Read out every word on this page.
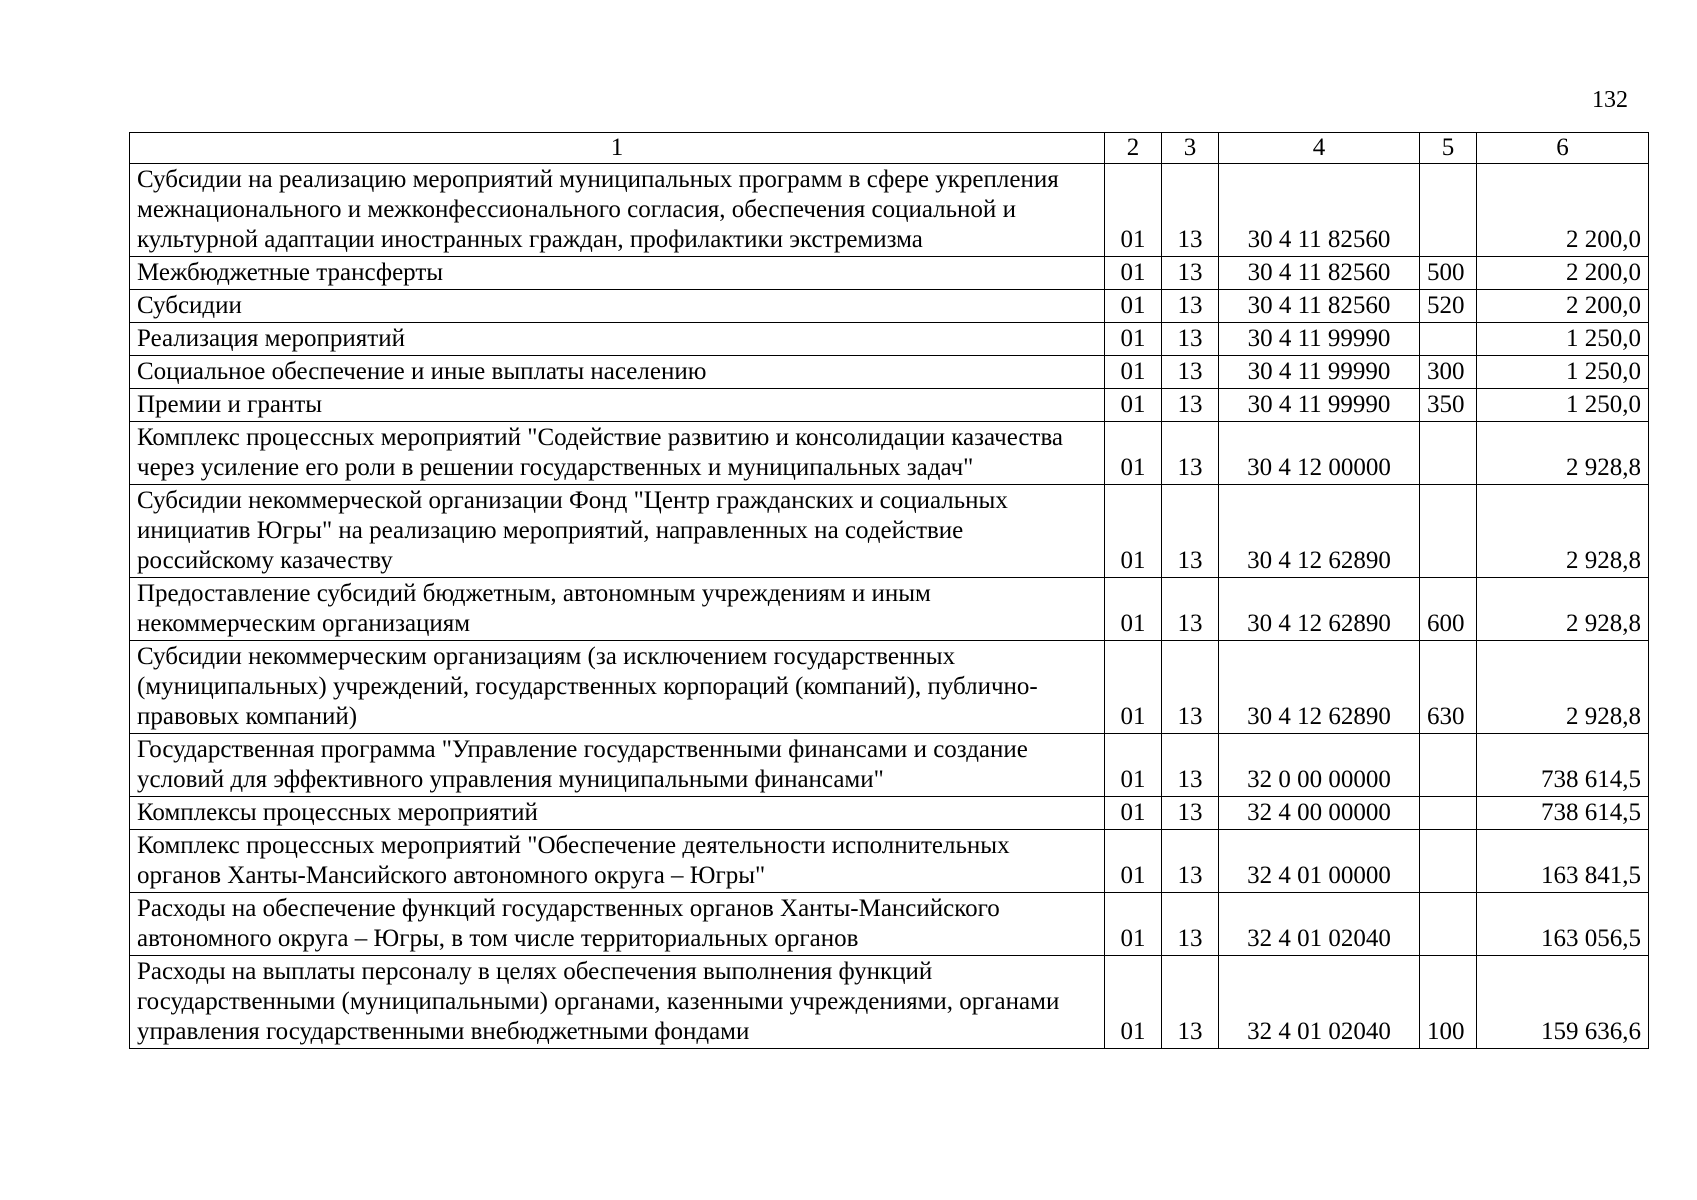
132
1	2	3	4	5	6
Субсидии на реализацию мероприятий муниципальных программ в сфере укрепления межнационального и межконфессионального согласия, обеспечения социальной и культурной адаптации иностранных граждан, профилактики экстремизма	01	13	30 4 11 82560		2 200,0
Межбюджетные трансферты	01	13	30 4 11 82560	500	2 200,0
Субсидии	01	13	30 4 11 82560	520	2 200,0
Реализация мероприятий	01	13	30 4 11 99990		1 250,0
Социальное обеспечение и иные выплаты населению	01	13	30 4 11 99990	300	1 250,0
Премии и гранты	01	13	30 4 11 99990	350	1 250,0
Комплекс процессных мероприятий "Содействие развитию и консолидации казачества через усиление его роли в решении государственных и муниципальных задач"	01	13	30 4 12 00000		2 928,8
Субсидии некоммерческой организации Фонд "Центр гражданских и социальных инициатив Югры" на реализацию мероприятий, направленных на содействие российскому казачеству	01	13	30 4 12 62890		2 928,8
Предоставление субсидий бюджетным, автономным учреждениям и иным некоммерческим организациям	01	13	30 4 12 62890	600	2 928,8
Субсидии некоммерческим организациям (за исключением государственных (муниципальных) учреждений, государственных корпораций (компаний), публично-правовых компаний)	01	13	30 4 12 62890	630	2 928,8
Государственная программа "Управление государственными финансами и создание условий для эффективного управления муниципальными финансами"	01	13	32 0 00 00000		738 614,5
Комплексы процессных мероприятий	01	13	32 4 00 00000		738 614,5
Комплекс процессных мероприятий "Обеспечение деятельности исполнительных органов Ханты-Мансийского автономного округа – Югры"	01	13	32 4 01 00000		163 841,5
Расходы на обеспечение функций государственных органов Ханты-Мансийского автономного округа – Югры, в том числе территориальных органов	01	13	32 4 01 02040		163 056,5
Расходы на выплаты персоналу в целях обеспечения выполнения функций государственными (муниципальными) органами, казенными учреждениями, органами управления государственными внебюджетными фондами	01	13	32 4 01 02040	100	159 636,6
